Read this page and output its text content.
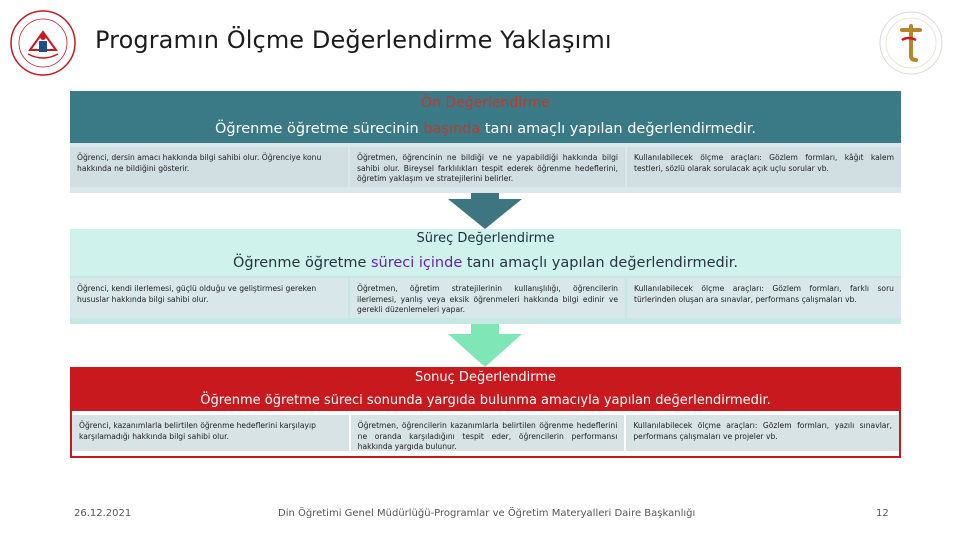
Programın Ölçme Değerlendirme Yaklaşımı
Ön Değerlendirme
Öğrenme öğretme sürecinin başında tanı amaçlı yapılan değerlendirmedir.
Öğrenci, dersin amacı hakkında bilgi sahibi olur. Öğrenciye konu hakkında ne bildiğini gösterir.
Öğretmen, öğrencinin ne bildiği ve ne yapabildiği hakkında bilgi sahibi olur. Bireysel farklılıkları tespit ederek öğrenme hedeflerini, öğretim yaklaşım ve stratejilerini belirler.
Kullanılabilecek ölçme araçları: Gözlem formları, kâğıt kalem testleri, sözlü olarak sorulacak açık uçlu sorular vb.
Süreç Değerlendirme
Öğrenme öğretme süreci içinde tanı amaçlı yapılan değerlendirmedir.
Öğrenci, kendi ilerlemesi, güçlü olduğu ve geliştirmesi gereken hususlar hakkında bilgi sahibi olur.
Öğretmen, öğretim stratejilerinin kullanışlılığı, öğrencilerin ilerlemesi, yanlış veya eksik öğrenmeleri hakkında bilgi edinir ve gerekli düzenlemeleri yapar.
Kullanılabilecek ölçme araçları: Gözlem formları, farklı soru türlerinden oluşan ara sınavlar, performans çalışmaları vb.
Sonuç Değerlendirme
Öğrenme öğretme süreci sonunda yargıda bulunma amacıyla yapılan değerlendirmedir.
Öğrenci, kazanımlarla belirtilen öğrenme hedeflerini karşılayıp karşılamadığı hakkında bilgi sahibi olur.
Öğretmen, öğrencilerin kazanımlarla belirtilen öğrenme hedeflerini ne oranda karşıladığını tespit eder, öğrencilerin performansı hakkında yargıda bulunur.
Kullanılabilecek ölçme araçları: Gözlem formları, yazılı sınavlar, performans çalışmaları ve projeler vb.
26.12.2021	Din Öğretimi Genel Müdürlüğü-Programlar ve Öğretim Materyalleri Daire Başkanlığı	12
